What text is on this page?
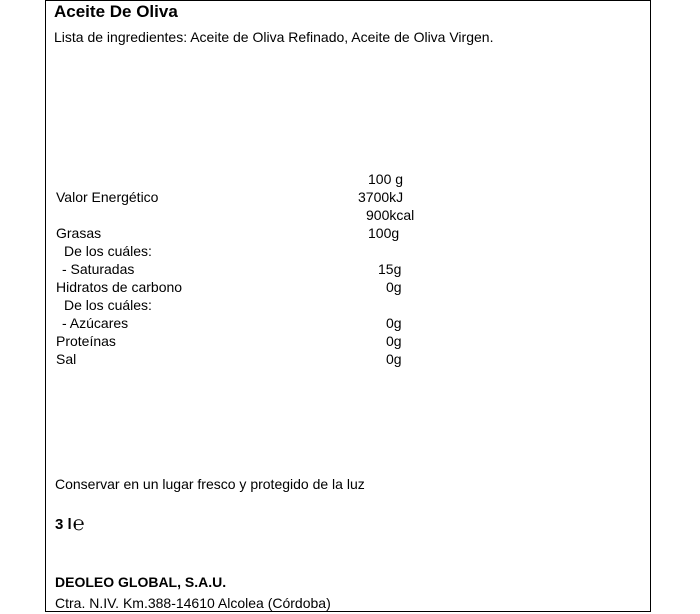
Aceite De Oliva
Lista de ingredientes: Aceite de Oliva Refinado, Aceite de Oliva Virgen.
100 g
Valor Energético	3700kJ
900kcal
Grasas	100g
De los cuáles:
- Saturadas	15g
Hidratos de carbono	0g
De los cuáles:
- Azúcares	0g
Proteínas	0g
Sal	0g
Conservar en un lugar fresco y protegido de la luz
3 l℮
DEOLEO GLOBAL, S.A.U.
Ctra. N.IV. Km.388-14610 Alcolea (Córdoba)
